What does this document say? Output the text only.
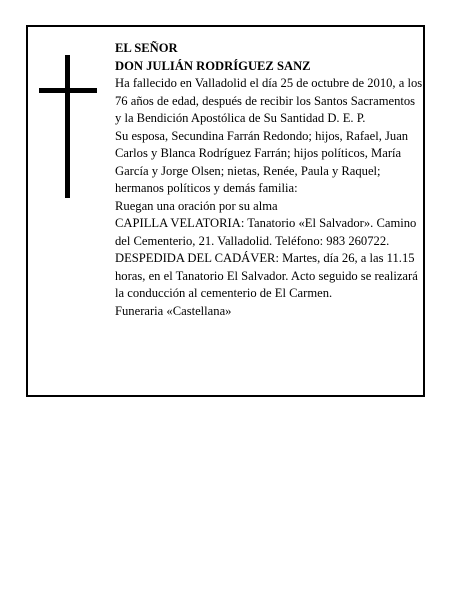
EL SEÑOR
DON JULIÁN RODRÍGUEZ SANZ
Ha fallecido en Valladolid el día 25 de octubre de 2010, a los 76 años de edad, después de recibir los Santos Sacramentos y la Bendición Apostólica de Su Santidad D. E. P.
Su esposa, Secundina Farrán Redondo; hijos, Rafael, Juan Carlos y Blanca Rodríguez Farrán; hijos políticos, María García y Jorge Olsen; nietas, Renée, Paula y Raquel; hermanos políticos y demás familia:
Ruegan una oración por su alma
CAPILLA VELATORIA: Tanatorio «El Salvador». Camino del Cementerio, 21. Valladolid. Teléfono: 983 260722.
DESPEDIDA DEL CADÁVER: Martes, día 26, a las 11.15 horas, en el Tanatorio El Salvador. Acto seguido se realizará la conducción al cementerio de El Carmen.
Funeraria «Castellana»
